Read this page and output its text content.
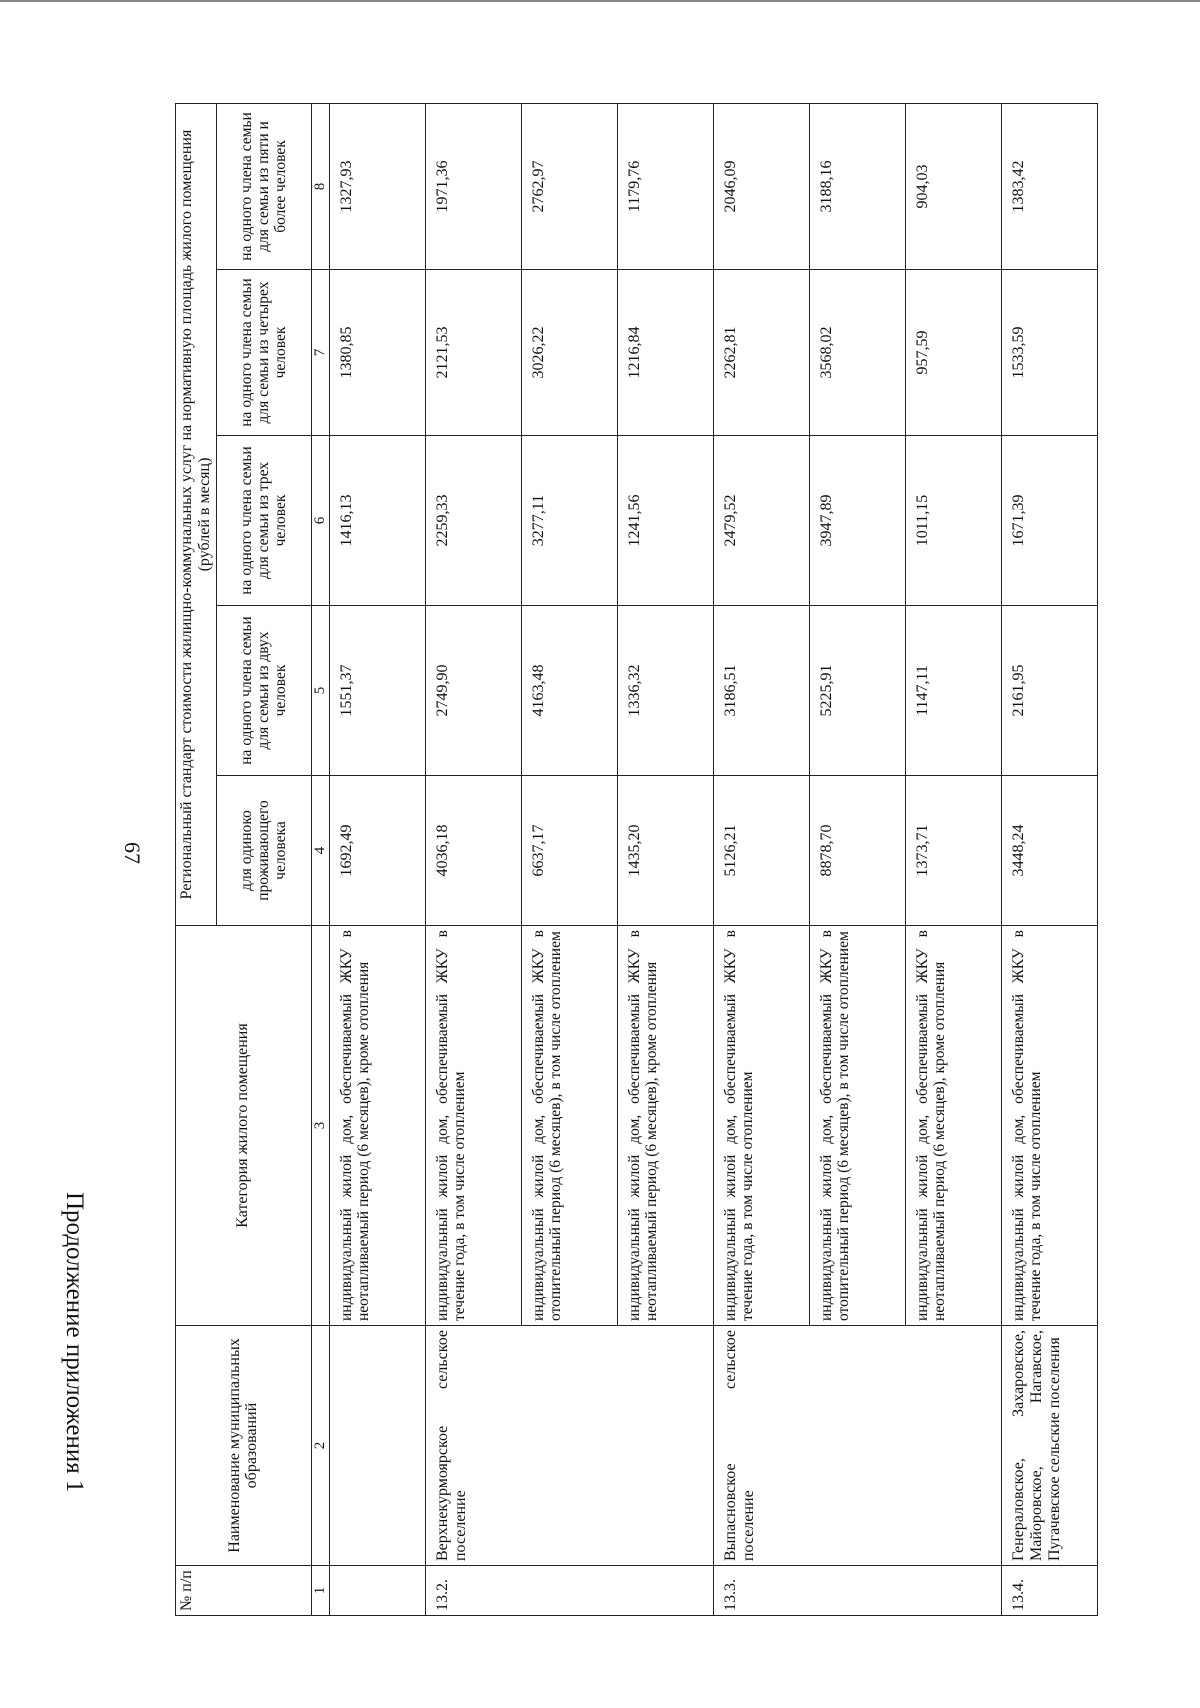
67
Продолжение приложения 1
№ п/п	Наименование муниципальных образований	Категория жилого помещения	Региональный стандарт стоимости жилищно-коммунальных услуг на нормативную площадь жилого помещения (рублей в месяц)				
			для одиноко проживающего человека	на одного члена семьи для семьи из двух человек	на одного члена семьи для семьи из трех человек	на одного члена семьи для семьи из четырех человек	на одного члена семьи для семьи из пяти и более человек
1	2	3	4	5	6	7	8
		индивидуальный жилой дом, обеспечиваемый ЖКУ в неотапливаемый период (6 месяцев), кроме отопления	1692,49	1551,37	1416,13	1380,85	1327,93
13.2.	Верхнекурмоярское сельское поселение	индивидуальный жилой дом, обеспечиваемый ЖКУ в течение года, в том числе отоплением	4036,18	2749,90	2259,33	2121,53	1971,36
		индивидуальный жилой дом, обеспечиваемый ЖКУ в отопительный период (6 месяцев), в том числе отоплением	6637,17	4163,48	3277,11	3026,22	2762,97
		индивидуальный жилой дом, обеспечиваемый ЖКУ в неотапливаемый период (6 месяцев), кроме отопления	1435,20	1336,32	1241,56	1216,84	1179,76
13.3.	Выпасновское сельское поселение	индивидуальный жилой дом, обеспечиваемый ЖКУ в течение года, в том числе отоплением	5126,21	3186,51	2479,52	2262,81	2046,09
		индивидуальный жилой дом, обеспечиваемый ЖКУ в отопительный период (6 месяцев), в том числе отоплением	8878,70	5225,91	3947,89	3568,02	3188,16
		индивидуальный жилой дом, обеспечиваемый ЖКУ в неотапливаемый период (6 месяцев), кроме отопления	1373,71	1147,11	1011,15	957,59	904,03
13.4.	Генераловское, Захаровское, Майоровское, Нагавское, Пугачевское сельские поселения	индивидуальный жилой дом, обеспечиваемый ЖКУ в течение года, в том числе отоплением	3448,24	2161,95	1671,39	1533,59	1383,42
